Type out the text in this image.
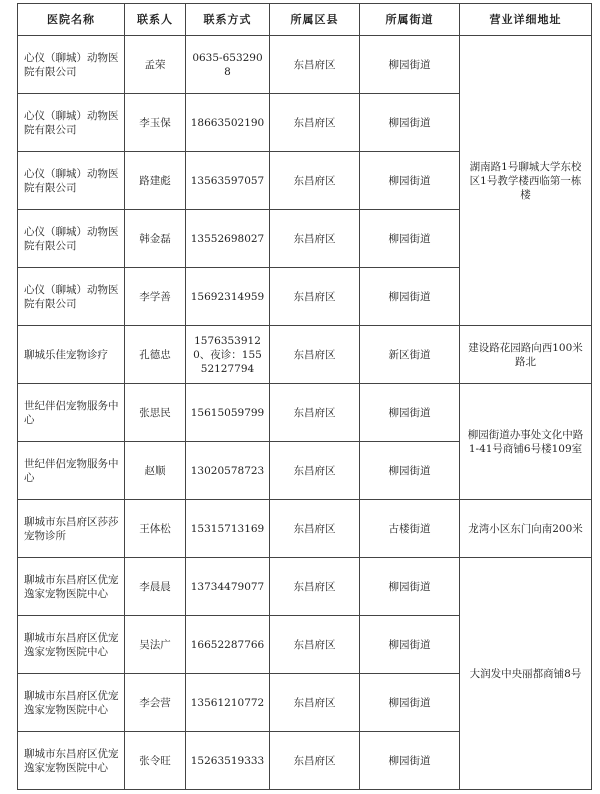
医院名称	联系人	联系方式	所属区县	所属街道	营业详细地址
心仪（聊城）动物医院有限公司	孟荣	0635-6532908	东昌府区	柳园街道	湖南路1号聊城大学东校区1号教学楼西临第一栋楼
心仪（聊城）动物医院有限公司	李玉保	18663502190	东昌府区	柳园街道	
心仪（聊城）动物医院有限公司	路建彪	13563597057	东昌府区	柳园街道	
心仪（聊城）动物医院有限公司	韩金磊	13552698027	东昌府区	柳园街道	
心仪（聊城）动物医院有限公司	李学善	15692314959	东昌府区	柳园街道	
聊城乐佳宠物诊疗	孔德忠	15763539120、夜诊：15552127794	东昌府区	新区街道	建设路花园路向西100米路北
世纪伴侣宠物服务中心	张思民	15615059799	东昌府区	柳园街道	柳园街道办事处文化中路1-41号商铺6号楼109室
世纪伴侣宠物服务中心	赵顺	13020578723	东昌府区	柳园街道	
聊城市东昌府区莎莎宠物诊所	王体松	15315713169	东昌府区	古楼街道	龙湾小区东门向南200米
聊城市东昌府区优宠逸家宠物医院中心	李晨晨	13734479077	东昌府区	柳园街道	大润发中央丽都商铺8号
聊城市东昌府区优宠逸家宠物医院中心	吴法广	16652287766	东昌府区	柳园街道	
聊城市东昌府区优宠逸家宠物医院中心	李会营	13561210772	东昌府区	柳园街道	
聊城市东昌府区优宠逸家宠物医院中心	张令旺	15263519333	东昌府区	柳园街道	
